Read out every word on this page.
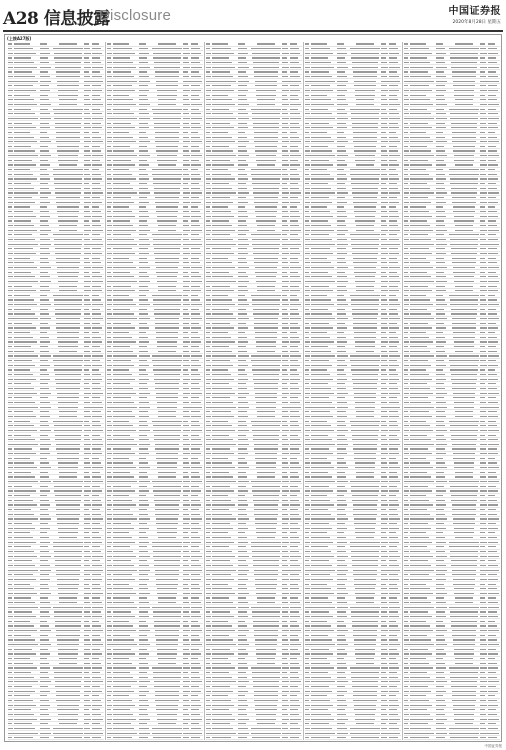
A28 信息披露
Disclosure	中国证券报
2020年8月28日 星期五
(上接A27版)
中国证券报
